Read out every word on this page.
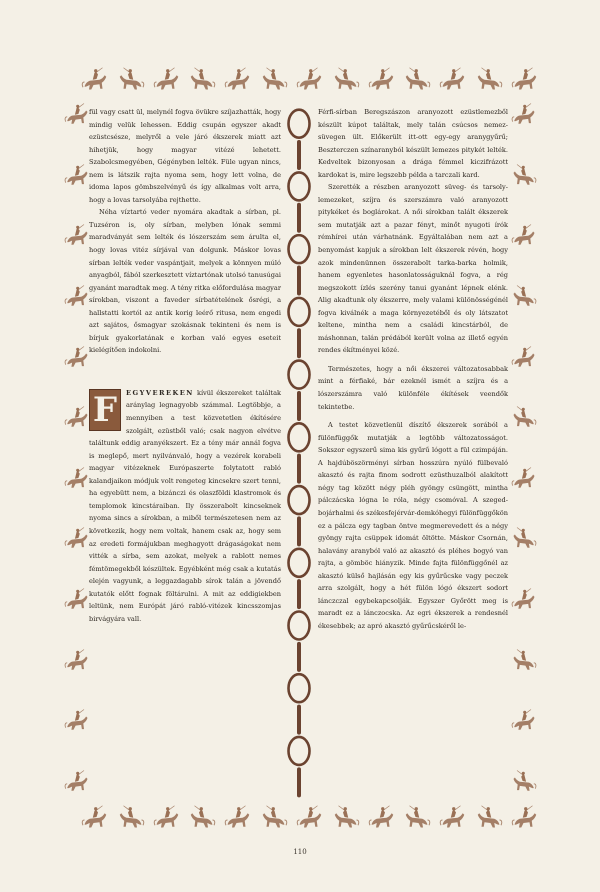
fül vagy csatt ül, melynél fogva övükre szíjazhatták, hogy mindig velük lehessen. Eddig csupán egyszer akadt ezüstcsésze, melyről a vele járó ékszerek miatt azt hihetjük, hogy magyar vitézé lehetett. Szabolcsmegyében, Gégényben lelték. Füle ugyan nincs, nem is látszik rajta nyoma sem, hogy lett volna, de idoma lapos gömbszelvényű és így alkalmas volt arra, hogy a lovas tarsolyába rejthette.

Néha víztartó veder nyomára akadtak a sírban, pl. Tuzséron is, oly sírban, melyben lónak semmi maradványát sem lelték és lószerszám sem árulta el, hogy lovas vitéz sírjával van dolgunk. Máskor lovas sírban lelték veder vaspántjait, melyek a könnyen múló anyagból, fából szerkesztett víztartónak utolsó tanusúgai gyanánt maradtak meg. A tény ritka előfordulása magyar sírokban, viszont a faveder sírbatételének ősrégi, a hallstatti kortól az antik korig leérő ritusa, nem engedi azt sajátos, ősmagyar szokásnak tekinteni és nem is bírjuk gyakorlatának e korban való egyes eseteit kielégítően indokolni.

F	EGYVEREKEN kívül ékszereket találtak aránylag legnagyobb számmal. Legtöbbje, a mennyiben a test közvetetlen ékítésére szolgált, ezüstből való; csak nagyon elvétve találtunk eddig aranyékszert. Ez a tény már annál fogva is meglepő, mert nyilvánvaló, hogy a vezérek korabeli magyar vitézeknek Európaszerte folytatott rabló kalandjaikon módjuk volt rengeteg kincsekre szert tenni, ha egyebütt nem, a bizánczi és olaszföldi klastromok és templomok kincstáraiban. Ily összerabolt kincseknek nyoma sincs a sírokban, a miből természetesen nem az következik, hogy nem voltak, hanem csak az, hogy sem az eredeti formájukban meghagyott drágaságokat nem vitték a sírba, sem azokat, melyek a rablott nemes fémtömegekből készültek. Egyébként még csak a kutatás elején vagyunk, a leggazdagabb sírok talán a jövendő kutatók előtt fognak föltárulni. A mit az eddigiekben leltünk, nem Európát járó rabló-vitézek kincsszomjas birvágyára vall.

Férfi-sírban Beregszászon aranyozott ezüstlemezből készült kúpot találtak, mely talán csúcsos nemez-süvegen ült. Előkerült itt-ott egy-egy aranygyűrű; Beszterczen színaranyból készült lemezes pitykét lelték. Kedveltek bizonyosan a drága fémmel kiczifrázott kardokat is, mire legszebb példa a tarczali kard.

Szerették a részben aranyozott süveg- és tarsoly-lemezeket, szíjra és szerszámra való aranyozott pitykéket és boglárokat. A női sírokban talált ékszerek sem mutatják azt a pazar fényt, minőt nyugoti írók rémhírei után várhatnánk. Egyáltalában nem azt a benyomást kapjuk a sírokban lelt ékszerek révén, hogy azok mindenünnen összerabolt tarka-barka holmik, hanem egyenletes hasonlatosságuknál fogva, a rég megszokott ízlés szerény tanui gyanánt lépnek elénk. Alig akadtunk oly ékszerre, mely valami különösségénél fogva kiválnék a maga környezetéből és oly látszatot keltene, mintha nem a családi kincstárból, de máshonnan, talán prédából került volna az illető egyén rendes ékítményei közé.

Természetes, hogy a női ékszerei változatosabbak mint a férfiaké, bár ezeknél ismét a szíjra és a lószerszámra való különféle ékítések veendők tekintetbe.

A testet közvetlenül díszítő ékszerek sorából a fülönfüggők mutatják a legtöbb változatosságot. Sokszor egyszerű sima kis gyűrű lógott a fül czimpáján. A hajdúböszörményi sírban hosszúra nyúló fülbevaló akasztó és rajta finom sodrott ezüsthuzalból alakított négy tag között négy pléh gyöngy csüngött, mintha pálczácska lógna le róla, négy csomóval. A szeged-bojárhalmi és székesfejérvár-demkóhegyi fülönfüggőkön ez a pálcza egy tagban öntve megmerevedett és a négy gyöngy rajta csüppek idomát öltötte. Máskor Csornán, halavány aranyból való az akasztó és pléhes bogyó van rajta, a gömböc hiányzik. Minde fajta fülönfüggőnél az akasztó külső hajlásán egy kis gyűrűcske vagy peczek arra szolgált, hogy a hét fülön lógó ékszert sodort lánczczal egybekapcsolják. Egyszer Győrött meg is maradt ez a lánczocska. Az egri ékszerek a rendesnél ékesebbek; az apró akasztó gyűrűcskéről le-

110
